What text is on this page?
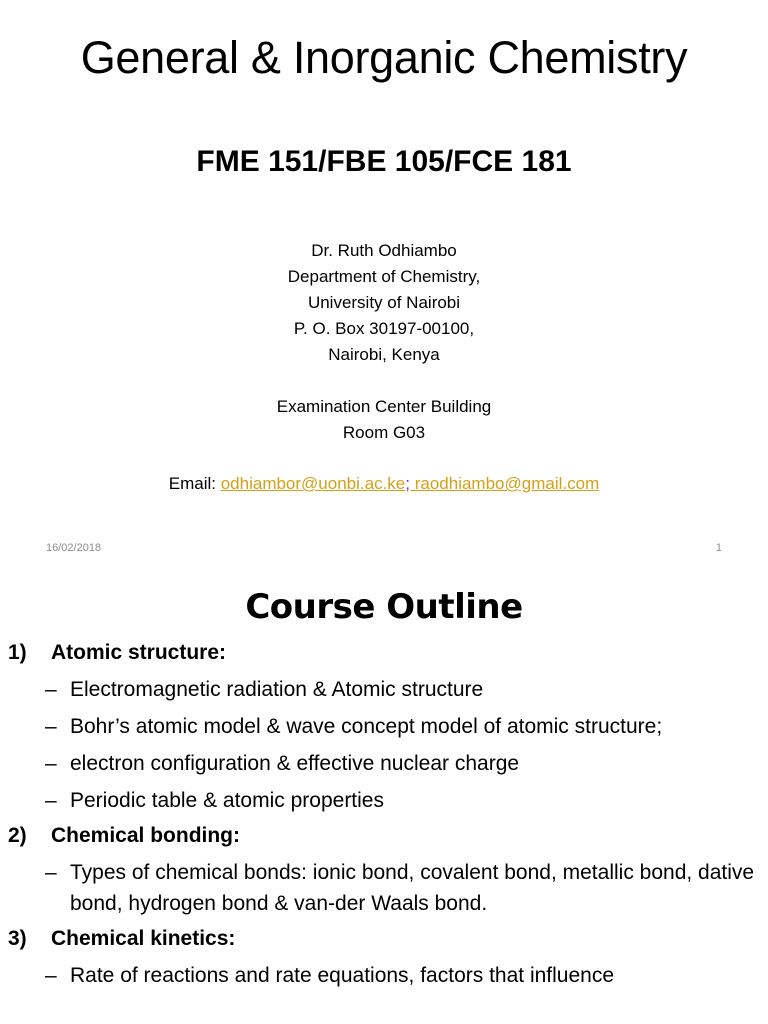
General & Inorganic Chemistry
FME 151/FBE 105/FCE 181
Dr. Ruth Odhiambo
Department of Chemistry,
University of Nairobi
P. O. Box 30197-00100,
Nairobi, Kenya
Examination Center Building
Room G03
Email: odhiambor@uonbi.ac.ke; raodhiambo@gmail.com
16/02/2018	1
Course Outline
1)	Atomic structure:
– Electromagnetic radiation & Atomic structure
– Bohr’s atomic model & wave concept model of atomic structure;
– electron configuration & effective nuclear charge
– Periodic table & atomic properties
2)	Chemical bonding:
– Types of chemical bonds: ionic bond, covalent bond, metallic bond, dative bond, hydrogen bond & van-der Waals bond.
3)	Chemical kinetics:
– Rate of reactions and rate equations, factors that influence
